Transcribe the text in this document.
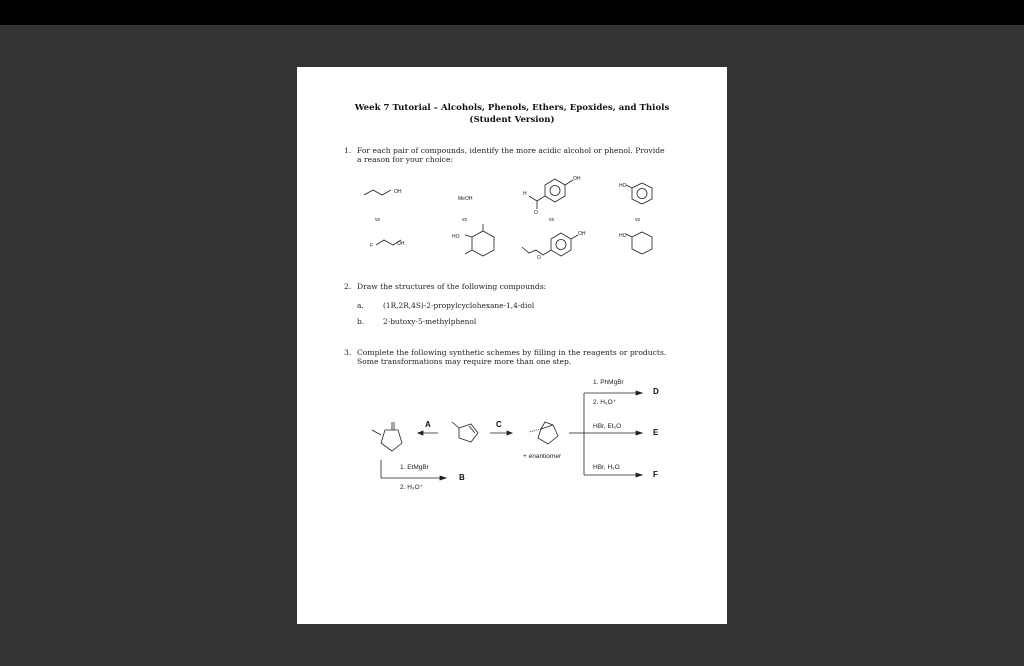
Week 7 Tutorial – Alcohols, Phenols, Ethers, Epoxides, and Thiols
(Student Version)
1. For each pair of compounds, identify the more acidic alcohol or phenol. Provide
a reason for your choice:
OH
F	OH
MeOH
HO
OH
H
O
OH
O
HO
HO
vs	vs	vs	vs
2. Draw the structures of the following compounds:
a.	(1R,2R,4S)-2-propylcyclohexane-1,4-diol
b.	2-butoxy-5-methylphenol
3. Complete the following synthetic schemes by filling in the reagents or products.
Some transformations may require more than one step.
A	C
D
E
F
B
1. PhMgBr
2. H₃O⁺
HBr, Et₂O
HBr, H₂O
1. EtMgBr
2. H₃O⁺
+ enantiomer
